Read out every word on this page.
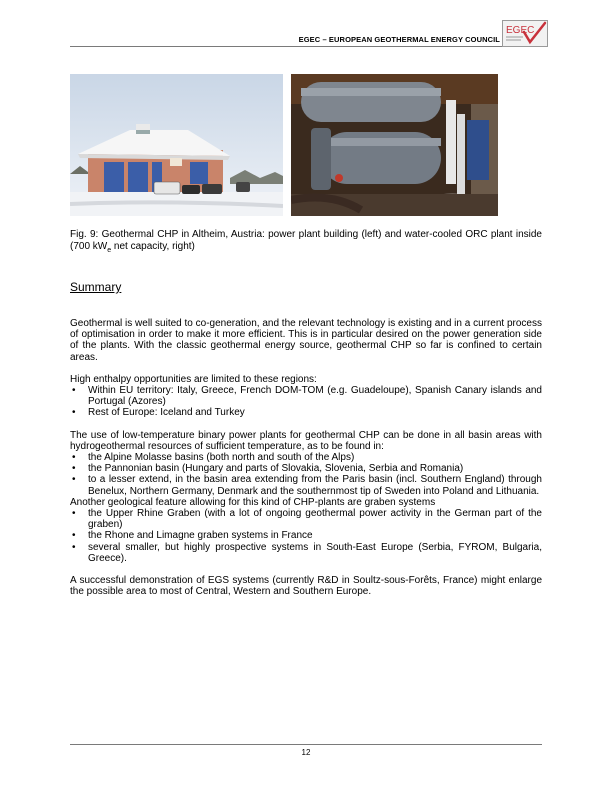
EGEC – EUROPEAN GEOTHERMAL ENERGY COUNCIL
EGEC
Fig. 9: Geothermal CHP in Altheim, Austria: power plant building (left) and water-cooled ORC plant inside (700 $kW_e$ net capacity, right)
Summary

Geothermal is well suited to co-generation, and the relevant technology is existing and in a current process of optimisation in order to make it more efficient. This is in particular desired on the power generation side of the plants. With the classic geothermal energy source, geothermal CHP so far is confined to certain areas.

High enthalpy opportunities are limited to these regions:

• Within EU territory: Italy, Greece, French DOM-TOM (e.g. Guadeloupe), Spanish Canary islands and Portugal (Azores)
• Rest of Europe: Iceland and Turkey

The use of low-temperature binary power plants for geothermal CHP can be done in all basin areas with hydrogeothermal resources of sufficient temperature, as to be found in:

• the Alpine Molasse basins (both north and south of the Alps)
• the Pannonian basin (Hungary and parts of Slovakia, Slovenia, Serbia and Romania)
• to a lesser extend, in the basin area extending from the Paris basin (incl. Southern England) through Benelux, Northern Germany, Denmark and the southernmost tip of Sweden into Poland and Lithuania.

Another geological feature allowing for this kind of CHP-plants are graben systems

• the Upper Rhine Graben (with a lot of ongoing geothermal power activity in the German part of the graben)
• the Rhone and Limagne graben systems in France
• several smaller, but highly prospective systems in South-East Europe (Serbia, FYROM, Bulgaria, Greece).

A successful demonstration of EGS systems (currently R&D in Soultz-sous-Forêts, France) might enlarge the possible area to most of Central, Western and Southern Europe.

12
